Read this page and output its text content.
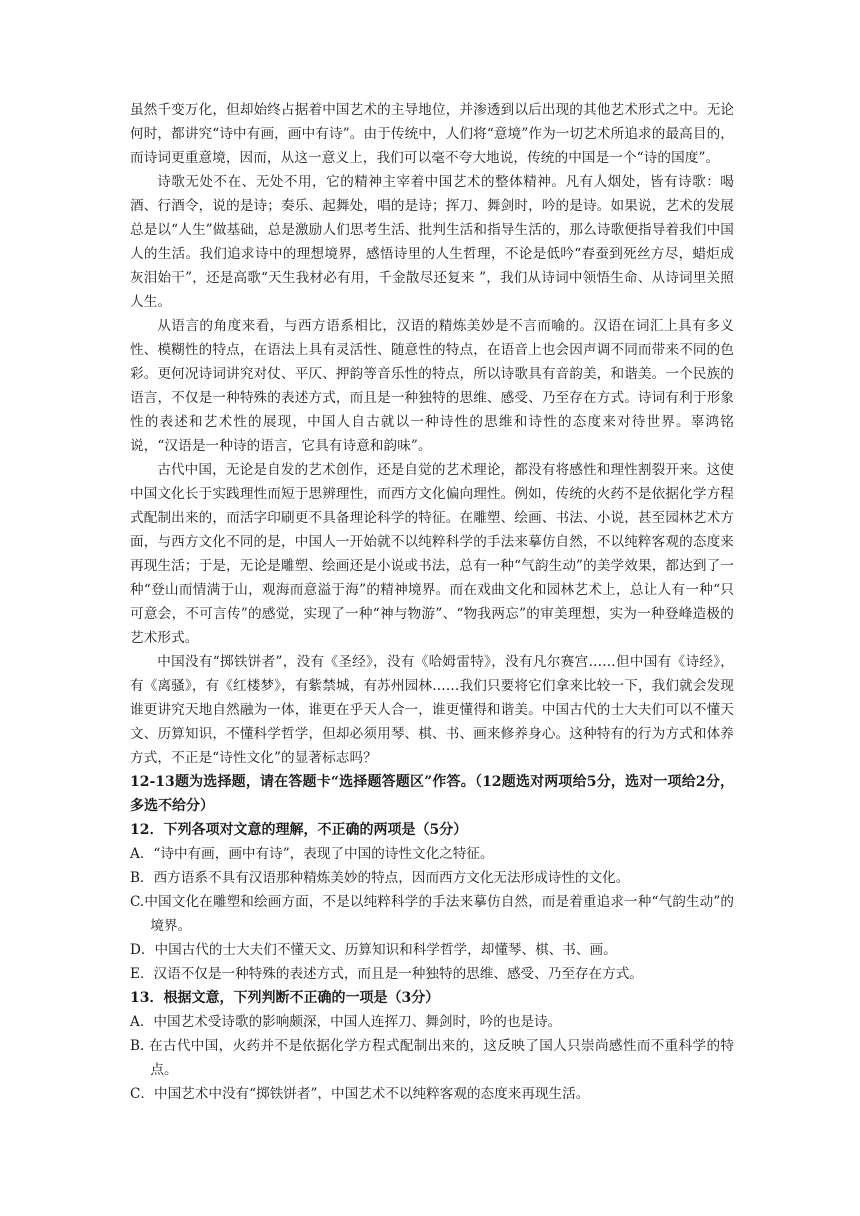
虽然千变万化，但却始终占据着中国艺术的主导地位，并渗透到以后出现的其他艺术形式之中。无论何时，都讲究“诗中有画，画中有诗”。由于传统中，人们将“意境”作为一切艺术所追求的最高目的，而诗词更重意境，因而，从这一意义上，我们可以毫不夸大地说，传统的中国是一个“诗的国度”。

诗歌无处不在、无处不用，它的精神主宰着中国艺术的整体精神。凡有人烟处，皆有诗歌：喝酒、行酒令，说的是诗；奏乐、起舞处，唱的是诗；挥刀、舞剑时，吟的是诗。如果说，艺术的发展总是以“人生”做基础，总是激励人们思考生活、批判生活和指导生活的，那么诗歌便指导着我们中国人的生活。我们追求诗中的理想境界，感悟诗里的人生哲理，不论是低吟“春蚕到死丝方尽，蜡炬成灰泪始干”，还是高歌“天生我材必有用，千金散尽还复来 ”，我们从诗词中领悟生命、从诗词里关照人生。

从语言的角度来看，与西方语系相比，汉语的精炼美妙是不言而喻的。汉语在词汇上具有多义性、模糊性的特点，在语法上具有灵活性、随意性的特点，在语音上也会因声调不同而带来不同的色彩。更何况诗词讲究对仗、平仄、押韵等音乐性的特点，所以诗歌具有音韵美，和谐美。一个民族的语言，不仅是一种特殊的表述方式，而且是一种独特的思维、感受、乃至存在方式。诗词有利于形象性的表述和艺术性的展现，中国人自古就以一种诗性的思维和诗性的态度来对待世界。辜鸿铭说，“汉语是一种诗的语言，它具有诗意和韵味”。

古代中国，无论是自发的艺术创作，还是自觉的艺术理论，都没有将感性和理性割裂开来。这使中国文化长于实践理性而短于思辨理性，而西方文化偏向理性。例如，传统的火药不是依据化学方程式配制出来的，而活字印刷更不具备理论科学的特征。在雕塑、绘画、书法、小说，甚至园林艺术方面，与西方文化不同的是，中国人一开始就不以纯粹科学的手法来摹仿自然，不以纯粹客观的态度来再现生活；于是，无论是雕塑、绘画还是小说或书法，总有一种“气韵生动”的美学效果，都达到了一种“登山而情满于山，观海而意溢于海”的精神境界。而在戏曲文化和园林艺术上，总让人有一种“只可意会，不可言传”的感觉，实现了一种“神与物游”、“物我两忘”的审美理想，实为一种登峰造极的艺术形式。

中国没有“掷铁饼者”，没有《圣经》，没有《哈姆雷特》，没有凡尔赛宫……但中国有《诗经》，有《离骚》，有《红楼梦》，有紫禁城，有苏州园林……我们只要将它们拿来比较一下，我们就会发现谁更讲究天地自然融为一体，谁更在乎天人合一，谁更懂得和谐美。中国古代的士大夫们可以不懂天文、历算知识，不懂科学哲学，但却必须用琴、棋、书、画来修养身心。这种特有的行为方式和体养方式，不正是“诗性文化”的显著标志吗？

12-13题为选择题，请在答题卡“选择题答题区”作答。（12题选对两项给5分，选对一项给2分，多选不给分）

12．下列各项对文意的理解，不正确的两项是（5分）

A．“诗中有画，画中有诗”，表现了中国的诗性文化之特征。

B．西方语系不具有汉语那种精炼美妙的特点，因而西方文化无法形成诗性的文化。

C.中国文化在雕塑和绘画方面，不是以纯粹科学的手法来摹仿自然，而是着重追求一种“气韵生动”的境界。

D．中国古代的士大夫们不懂天文、历算知识和科学哲学，却懂琴、棋、书、画。

E．汉语不仅是一种特殊的表述方式，而且是一种独特的思维、感受、乃至存在方式。

13．根据文意，下列判断不正确的一项是（3分）

A．中国艺术受诗歌的影响颇深，中国人连挥刀、舞剑时，吟的也是诗。

B. 在古代中国，火药并不是依据化学方程式配制出来的，这反映了国人只崇尚感性而不重科学的特点。

C．中国艺术中没有“掷铁饼者”，中国艺术不以纯粹客观的态度来再现生活。
